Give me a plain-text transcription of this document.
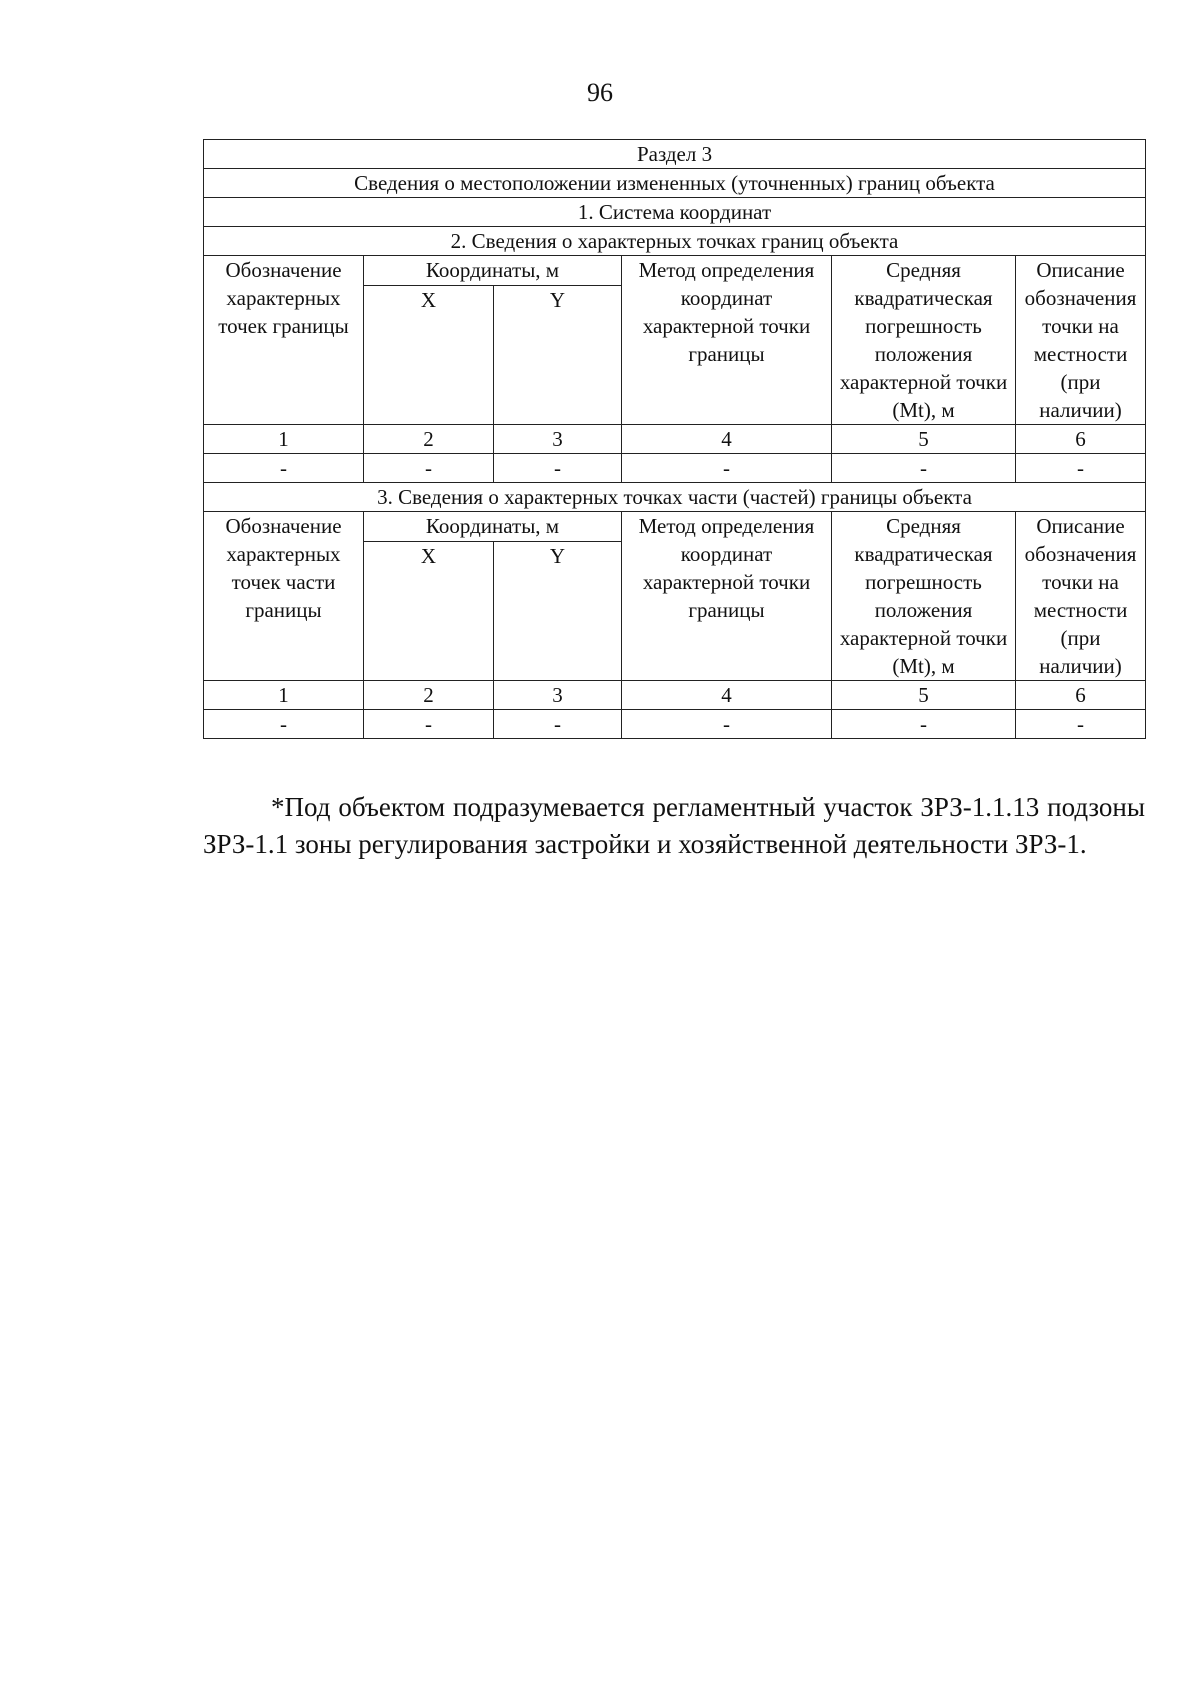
96
Раздел 3					
Сведения о местоположении измененных (уточненных) границ объекта					
1. Система координат					
2. Сведения о характерных точках границ объекта					
Обозначение характерных точек границы	Координаты, м		Метод определения координат характерной точки границы	Средняя квадратическая погрешность положения характерной точки (Mt), м	Описание обозначения точки на местности (при наличии)
	X	Y			
1	2	3	4	5	6
-	-	-	-	-	-
3. Сведения о характерных точках части (частей) границы объекта					
Обозначение характерных точек части границы	Координаты, м		Метод определения координат характерной точки границы	Средняя квадратическая погрешность положения характерной точки (Mt), м	Описание обозначения точки на местности (при наличии)
	X	Y			
1	2	3	4	5	6
-	-	-	-	-	-

*Под объектом подразумевается регламентный участок ЗРЗ-1.1.13 подзоны ЗРЗ-1.1 зоны регулирования застройки и хозяйственной деятельности ЗРЗ-1.
